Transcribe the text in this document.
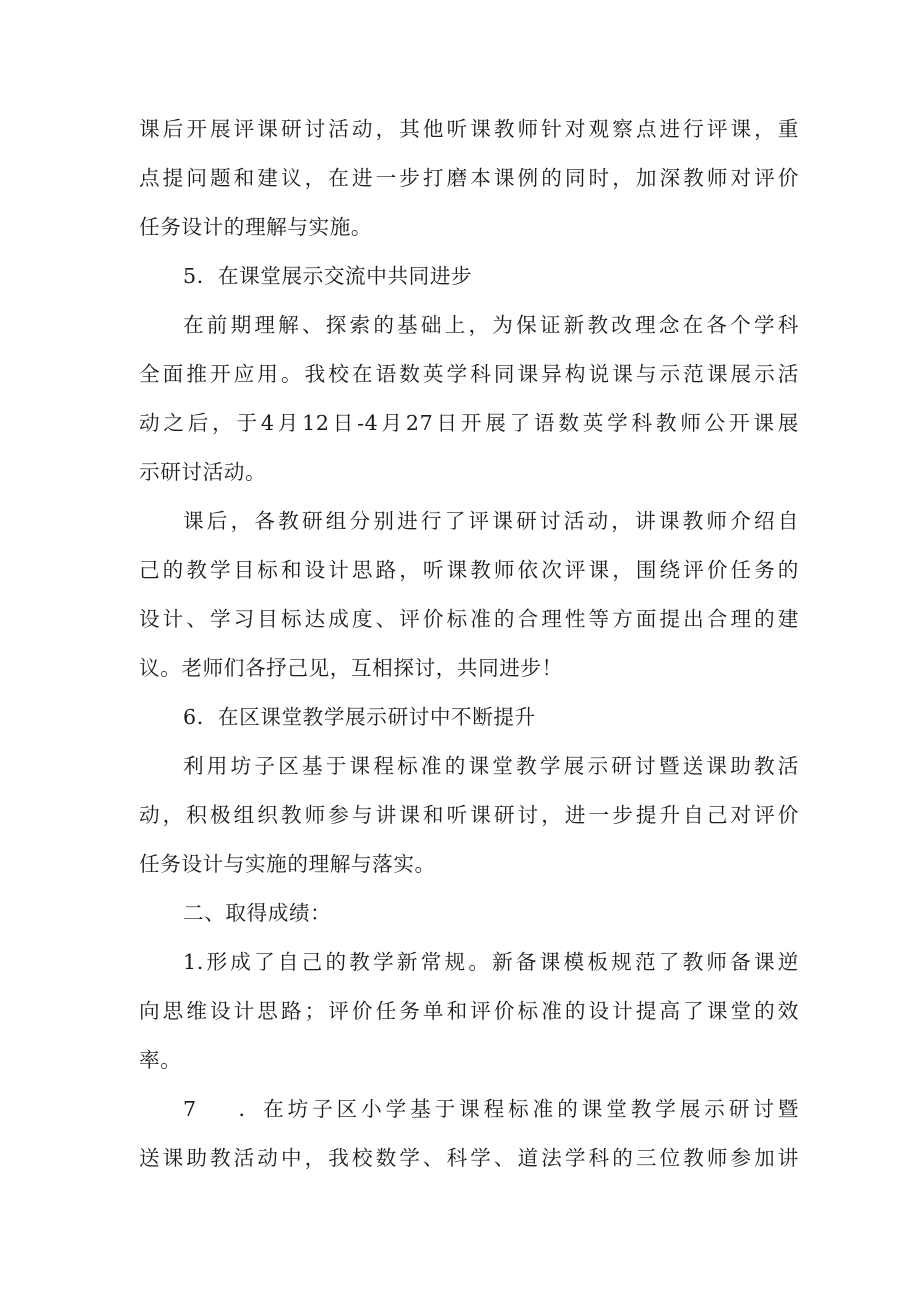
课后开展评课研讨活动，其他听课教师针对观察点进行评课，重
点提问题和建议，在进一步打磨本课例的同时，加深教师对评价
任务设计的理解与实施。
5．在课堂展示交流中共同进步
在前期理解、探索的基础上，为保证新教改理念在各个学科
全面推开应用。我校在语数英学科同课异构说课与示范课展示活
动之后，于4月12日-4月27日开展了语数英学科教师公开课展
示研讨活动。
课后，各教研组分别进行了评课研讨活动，讲课教师介绍自
己的教学目标和设计思路，听课教师依次评课，围绕评价任务的
设计、学习目标达成度、评价标准的合理性等方面提出合理的建
议。老师们各抒己见，互相探讨，共同进步！
6．在区课堂教学展示研讨中不断提升
利用坊子区基于课程标准的课堂教学展示研讨暨送课助教活
动，积极组织教师参与讲课和听课研讨，进一步提升自己对评价
任务设计与实施的理解与落实。
二、取得成绩：
1.形成了自己的教学新常规。新备课模板规范了教师备课逆
向思维设计思路；评价任务单和评价标准的设计提高了课堂的效
率。
7    ．在坊子区小学基于课程标准的课堂教学展示研讨暨
送课助教活动中，我校数学、科学、道法学科的三位教师参加讲
